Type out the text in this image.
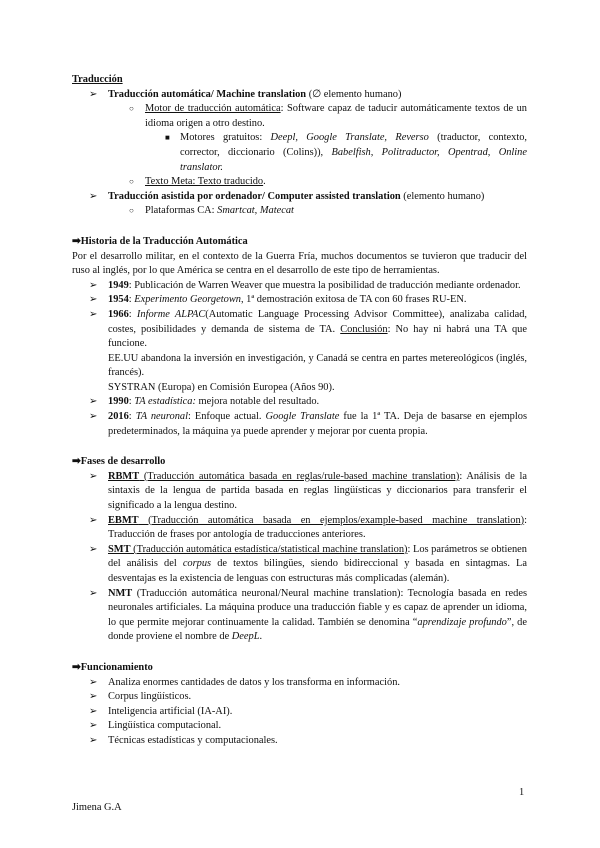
Traducción
➢ Traducción automática/ Machine translation (∅ elemento humano)
○ Motor de traducción automática: Software capaz de taducir automáticamente textos de un idioma origen a otro destino.
■ Motores gratuitos: Deepl, Google Translate, Reverso (traductor, contexto, corrector, diccionario (Colins)), Babelfish, Politraductor, Opentrad, Online translator.
○ Texto Meta: Texto traducido.
➢ Traducción asistida por ordenador/ Computer assisted translation (elemento humano)
○ Plataformas CA: Smartcat, Matecat
➡Historia de la Traducción Automática
Por el desarrollo militar, en el contexto de la Guerra Fría, muchos documentos se tuvieron que traducir del ruso al inglés, por lo que América se centra en el desarrollo de este tipo de herramientas.
➢ 1949: Publicación de Warren Weaver que muestra la posibilidad de traducción mediante ordenador.
➢ 1954: Experimento Georgetown, 1ª demostración exitosa de TA con 60 frases RU-EN.
➢ 1966: Informe ALPAC(Automatic Language Processing Advisor Committee), analizaba calidad, costes, posibilidades y demanda de sistema de TA. Conclusión: No hay ni habrá una TA que funcione.
EE.UU abandona la inversión en investigación, y Canadá se centra en partes metereológicos (inglés, francés).
SYSTRAN (Europa) en Comisión Europea (Años 90).
➢ 1990: TA estadística: mejora notable del resultado.
➢ 2016: TA neuronal: Enfoque actual. Google Translate fue la 1ª TA. Deja de basarse en ejemplos predeterminados, la máquina ya puede aprender y mejorar por cuenta propia.
➡Fases de desarrollo
➢ RBMT (Traducción automática basada en reglas/rule-based machine translation): Análisis de la sintaxis de la lengua de partida basada en reglas lingüísticas y diccionarios para transferir el significado a la lengua destino.
➢ EBMT (Traducción automática basada en ejemplos/example-based machine translation): Traducción de frases por antología de traducciones anteriores.
➢ SMT (Traducción automática estadística/statistical machine translation): Los parámetros se obtienen del análisis del corpus de textos bilingües, siendo bidireccional y basada en sintagmas. La desventajas es la existencia de lenguas con estructuras más complicadas (alemán).
➢ NMT (Traducción automática neuronal/Neural machine translation): Tecnología basada en redes neuronales artificiales. La máquina produce una traducción fiable y es capaz de aprender un idioma, lo que permite mejorar continuamente la calidad. También se denomina “aprendizaje profundo”, de donde proviene el nombre de DeepL.
➡Funcionamiento
➢ Analiza enormes cantidades de datos y los transforma en información.
➢ Corpus lingüísticos.
➢ Inteligencia artificial (IA-AI).
➢ Lingüística computacional.
➢ Técnicas estadísticas y computacionales.
1
Jimena G.A
